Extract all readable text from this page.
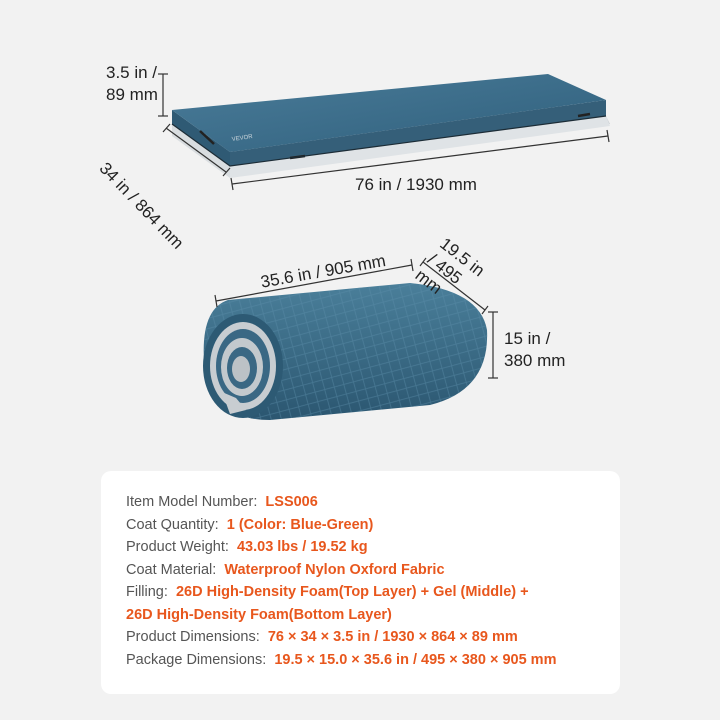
VEVOR
3.5 in /
89 mm
34 in / 864 mm	76 in / 1930 mm
35.6 in / 905 mm	19.5 in / 495 mm
15 in /
380 mm
Item Model Number: LSS006
Coat Quantity: 1 (Color: Blue-Green)
Product Weight: 43.03 lbs / 19.52 kg
Coat Material: Waterproof Nylon Oxford Fabric
Filling: 26D High-Density Foam(Top Layer) + Gel (Middle) +
26D High-Density Foam(Bottom Layer)
Product Dimensions: 76 × 34 × 3.5 in / 1930 × 864 × 89 mm
Package Dimensions: 19.5 × 15.0 × 35.6 in / 495 × 380 × 905 mm
